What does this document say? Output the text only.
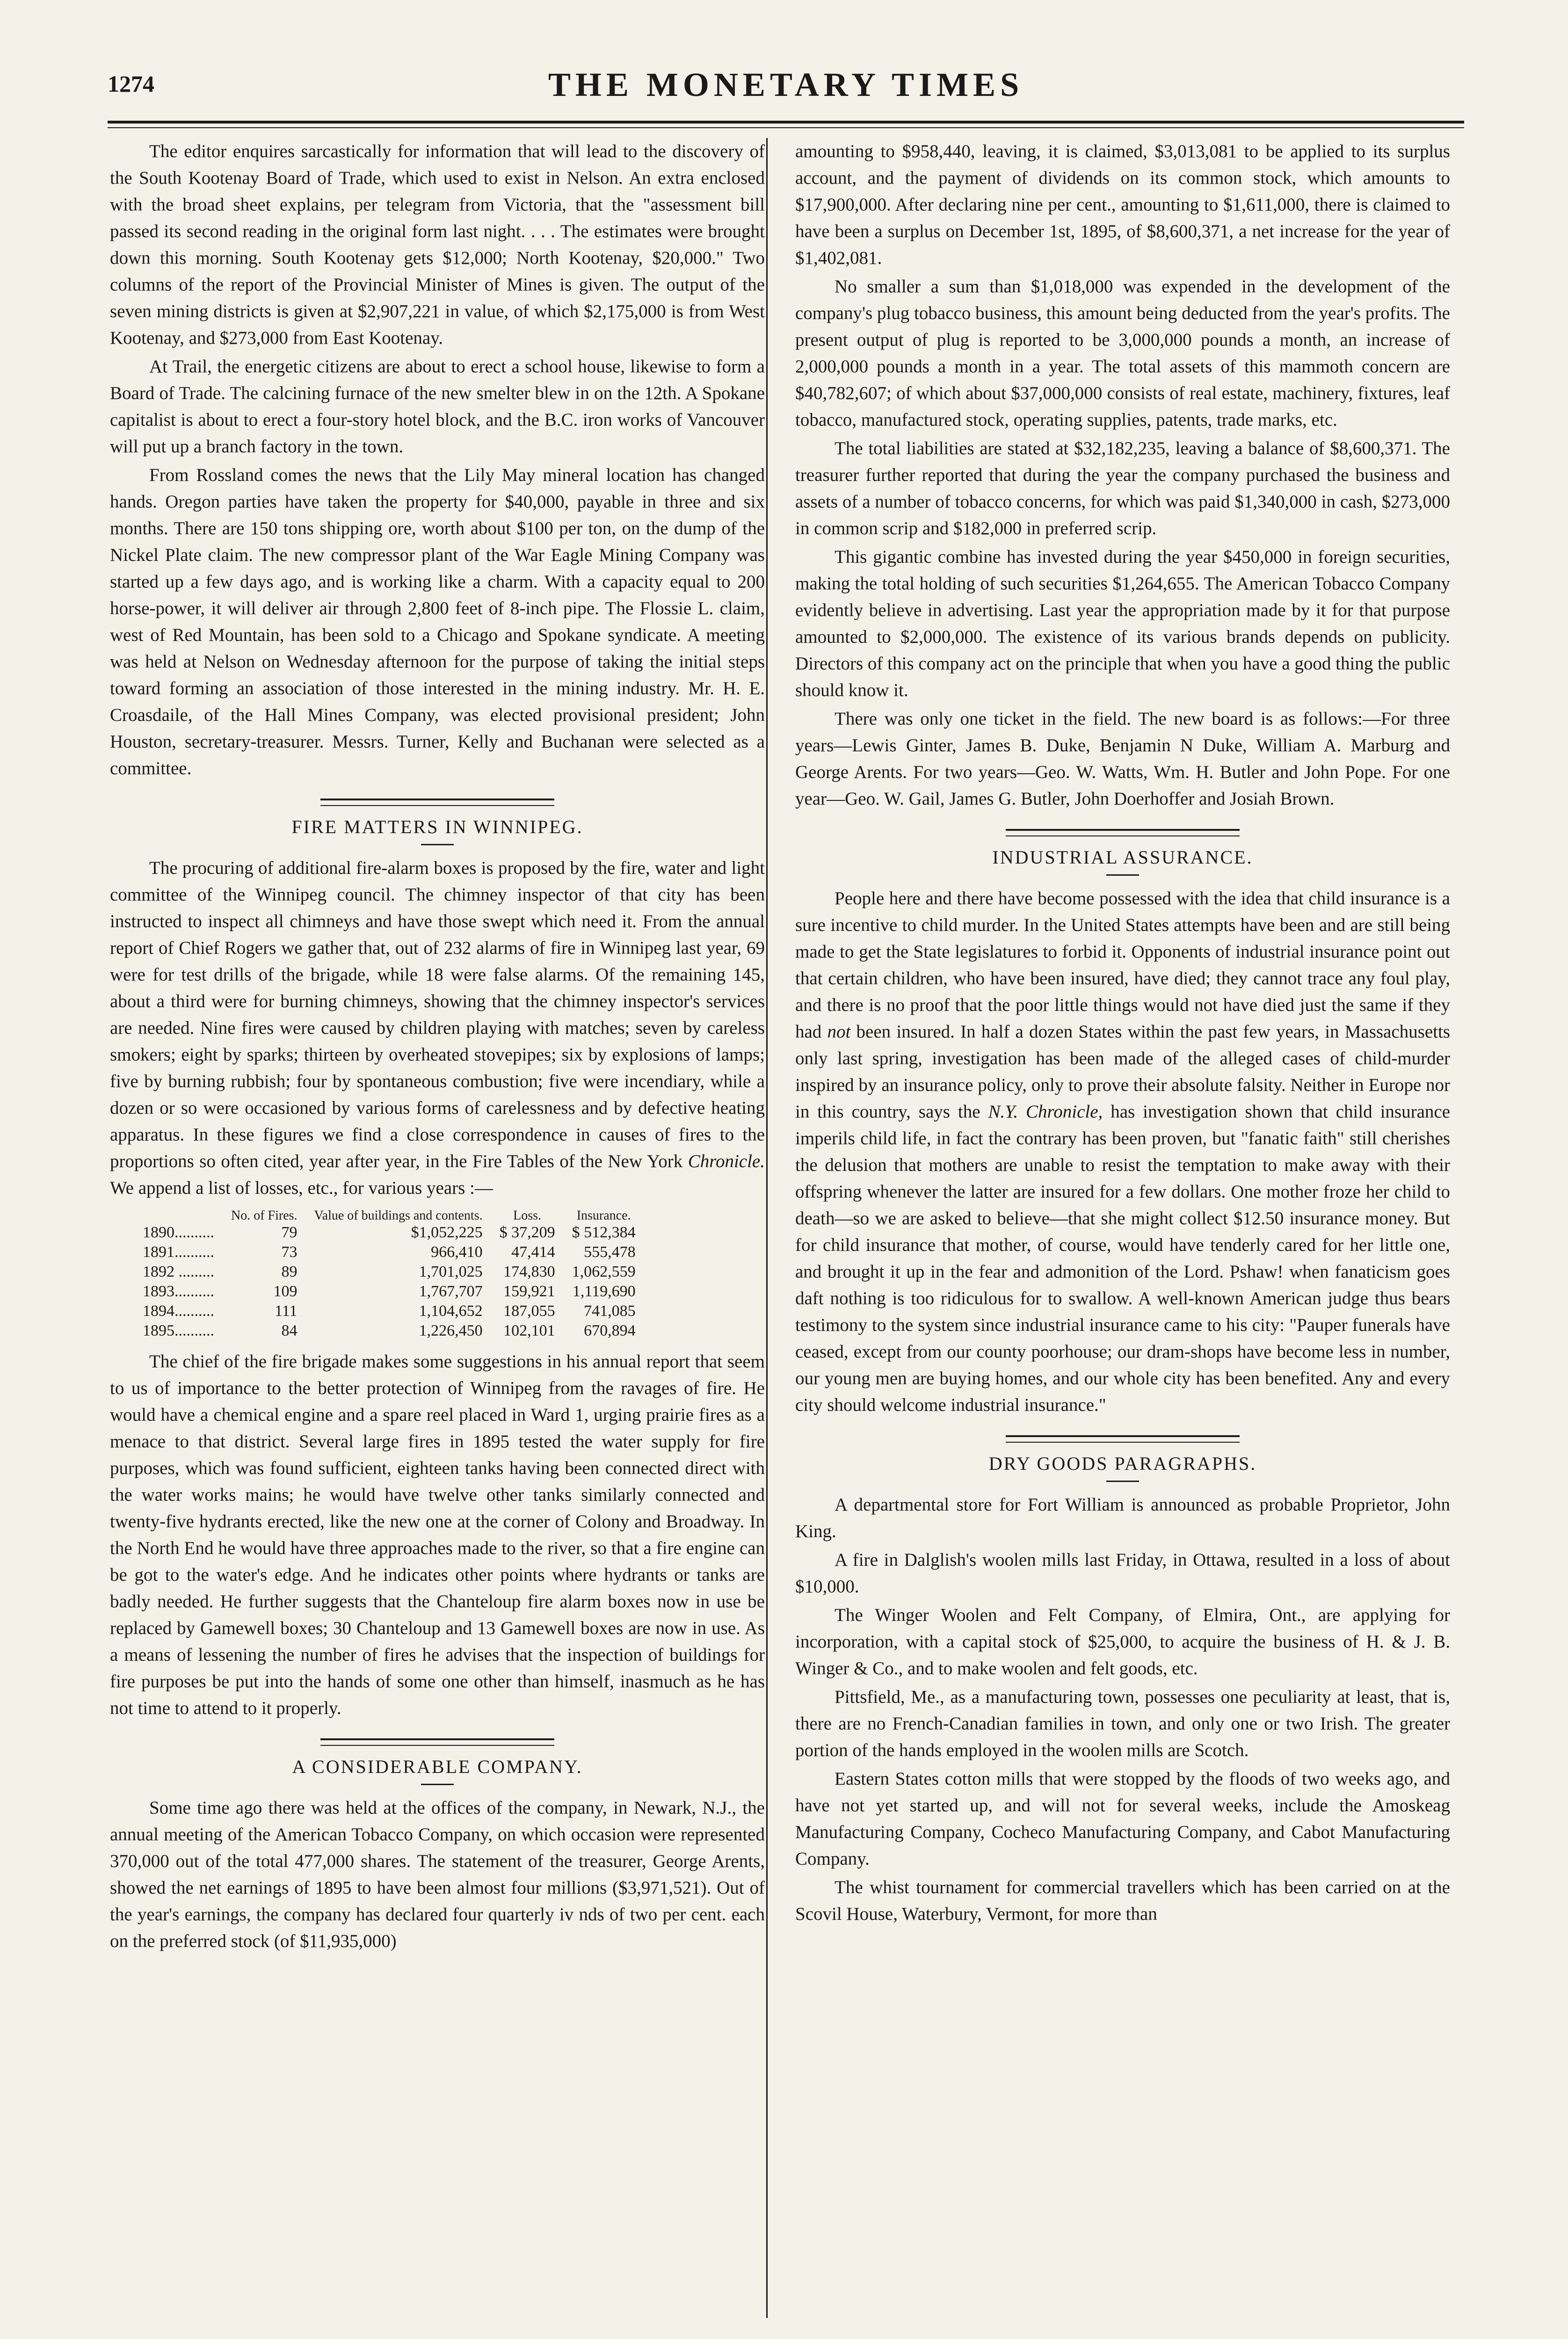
1274	THE MONETARY TIMES

The editor enquires sarcastically for information that will lead to the discovery of the South Kootenay Board of Trade, which used to exist in Nelson. An extra enclosed with the broad sheet explains, per telegram from Victoria, that the "assessment bill passed its second reading in the original form last night. . . . The estimates were brought down this morning. South Kootenay gets $12,000; North Kootenay, $20,000." Two columns of the report of the Provincial Minister of Mines is given. The output of the seven mining districts is given at $2,907,221 in value, of which $2,175,000 is from West Kootenay, and $273,000 from East Kootenay.

At Trail, the energetic citizens are about to erect a school house, likewise to form a Board of Trade. The calcining furnace of the new smelter blew in on the 12th. A Spokane capitalist is about to erect a four-story hotel block, and the B.C. iron works of Vancouver will put up a branch factory in the town.

From Rossland comes the news that the Lily May mineral location has changed hands. Oregon parties have taken the property for $40,000, payable in three and six months. There are 150 tons shipping ore, worth about $100 per ton, on the dump of the Nickel Plate claim. The new compressor plant of the War Eagle Mining Company was started up a few days ago, and is working like a charm. With a capacity equal to 200 horse-power, it will deliver air through 2,800 feet of 8-inch pipe. The Flossie L. claim, west of Red Mountain, has been sold to a Chicago and Spokane syndicate. A meeting was held at Nelson on Wednesday afternoon for the purpose of taking the initial steps toward forming an association of those interested in the mining industry. Mr. H. E. Croasdaile, of the Hall Mines Company, was elected provisional president; John Houston, secretary-treasurer. Messrs. Turner, Kelly and Buchanan were selected as a committee.

FIRE MATTERS IN WINNIPEG.

The procuring of additional fire-alarm boxes is proposed by the fire, water and light committee of the Winnipeg council. The chimney inspector of that city has been instructed to inspect all chimneys and have those swept which need it. From the annual report of Chief Rogers we gather that, out of 232 alarms of fire in Winnipeg last year, 69 were for test drills of the brigade, while 18 were false alarms. Of the remaining 145, about a third were for burning chimneys, showing that the chimney inspector's services are needed. Nine fires were caused by children playing with matches; seven by careless smokers; eight by sparks; thirteen by overheated stovepipes; six by explosions of lamps; five by burning rubbish; four by spontaneous combustion; five were incendiary, while a dozen or so were occasioned by various forms of carelessness and by defective heating apparatus. In these figures we find a close correspondence in causes of fires to the proportions so often cited, year after year, in the Fire Tables of the New York Chronicle. We append a list of losses, etc., for various years :—

	No. of Fires.	Value of buildings and contents.	Loss.	Insurance.
1890..........	79	$1,052,225	$ 37,209	$ 512,384
1891..........	73	966,410	47,414	555,478
1892 .........	89	1,701,025	174,830	1,062,559
1893..........	109	1,767,707	159,921	1,119,690
1894..........	111	1,104,652	187,055	741,085
1895..........	84	1,226,450	102,101	670,894

The chief of the fire brigade makes some suggestions in his annual report that seem to us of importance to the better protection of Winnipeg from the ravages of fire. He would have a chemical engine and a spare reel placed in Ward 1, urging prairie fires as a menace to that district. Several large fires in 1895 tested the water supply for fire purposes, which was found sufficient, eighteen tanks having been connected direct with the water works mains; he would have twelve other tanks similarly connected and twenty-five hydrants erected, like the new one at the corner of Colony and Broadway. In the North End he would have three approaches made to the river, so that a fire engine can be got to the water's edge. And he indicates other points where hydrants or tanks are badly needed. He further suggests that the Chanteloup fire alarm boxes now in use be replaced by Gamewell boxes; 30 Chanteloup and 13 Gamewell boxes are now in use. As a means of lessening the number of fires he advises that the inspection of buildings for fire purposes be put into the hands of some one other than himself, inasmuch as he has not time to attend to it properly.

A CONSIDERABLE COMPANY.

Some time ago there was held at the offices of the company, in Newark, N.J., the annual meeting of the American Tobacco Company, on which occasion were represented 370,000 out of the total 477,000 shares. The statement of the treasurer, George Arents, showed the net earnings of 1895 to have been almost four millions ($3,971,521). Out of the year's earnings, the company has declared four quarterly iv nds of two per cent. each on the preferred stock (of $11,935,000)

amounting to $958,440, leaving, it is claimed, $3,013,081 to be applied to its surplus account, and the payment of dividends on its common stock, which amounts to $17,900,000. After declaring nine per cent., amounting to $1,611,000, there is claimed to have been a surplus on December 1st, 1895, of $8,600,371, a net increase for the year of $1,402,081.

No smaller a sum than $1,018,000 was expended in the development of the company's plug tobacco business, this amount being deducted from the year's profits. The present output of plug is reported to be 3,000,000 pounds a month, an increase of 2,000,000 pounds a month in a year. The total assets of this mammoth concern are $40,782,607; of which about $37,000,000 consists of real estate, machinery, fixtures, leaf tobacco, manufactured stock, operating supplies, patents, trade marks, etc.

The total liabilities are stated at $32,182,235, leaving a balance of $8,600,371. The treasurer further reported that during the year the company purchased the business and assets of a number of tobacco concerns, for which was paid $1,340,000 in cash, $273,000 in common scrip and $182,000 in preferred scrip.

This gigantic combine has invested during the year $450,000 in foreign securities, making the total holding of such securities $1,264,655. The American Tobacco Company evidently believe in advertising. Last year the appropriation made by it for that purpose amounted to $2,000,000. The existence of its various brands depends on publicity. Directors of this company act on the principle that when you have a good thing the public should know it.

There was only one ticket in the field. The new board is as follows:—For three years—Lewis Ginter, James B. Duke, Benjamin N Duke, William A. Marburg and George Arents. For two years—Geo. W. Watts, Wm. H. Butler and John Pope. For one year—Geo. W. Gail, James G. Butler, John Doerhoffer and Josiah Brown.

INDUSTRIAL ASSURANCE.

People here and there have become possessed with the idea that child insurance is a sure incentive to child murder. In the United States attempts have been and are still being made to get the State legislatures to forbid it. Opponents of industrial insurance point out that certain children, who have been insured, have died; they cannot trace any foul play, and there is no proof that the poor little things would not have died just the same if they had not been insured. In half a dozen States within the past few years, in Massachusetts only last spring, investigation has been made of the alleged cases of child-murder inspired by an insurance policy, only to prove their absolute falsity. Neither in Europe nor in this country, says the N.Y. Chronicle, has investigation shown that child insurance imperils child life, in fact the contrary has been proven, but "fanatic faith" still cherishes the delusion that mothers are unable to resist the temptation to make away with their offspring whenever the latter are insured for a few dollars. One mother froze her child to death—so we are asked to believe—that she might collect $12.50 insurance money. But for child insurance that mother, of course, would have tenderly cared for her little one, and brought it up in the fear and admonition of the Lord. Pshaw! when fanaticism goes daft nothing is too ridiculous for to swallow. A well-known American judge thus bears testimony to the system since industrial insurance came to his city: "Pauper funerals have ceased, except from our county poorhouse; our dram-shops have become less in number, our young men are buying homes, and our whole city has been benefited. Any and every city should welcome industrial insurance."

DRY GOODS PARAGRAPHS.

A departmental store for Fort William is announced as probable Proprietor, John King.

A fire in Dalglish's woolen mills last Friday, in Ottawa, resulted in a loss of about $10,000.

The Winger Woolen and Felt Company, of Elmira, Ont., are applying for incorporation, with a capital stock of $25,000, to acquire the business of H. & J. B. Winger & Co., and to make woolen and felt goods, etc.

Pittsfield, Me., as a manufacturing town, possesses one peculiarity at least, that is, there are no French-Canadian families in town, and only one or two Irish. The greater portion of the hands employed in the woolen mills are Scotch.

Eastern States cotton mills that were stopped by the floods of two weeks ago, and have not yet started up, and will not for several weeks, include the Amoskeag Manufacturing Company, Cocheco Manufacturing Company, and Cabot Manufacturing Company.

The whist tournament for commercial travellers which has been carried on at the Scovil House, Waterbury, Vermont, for more than
